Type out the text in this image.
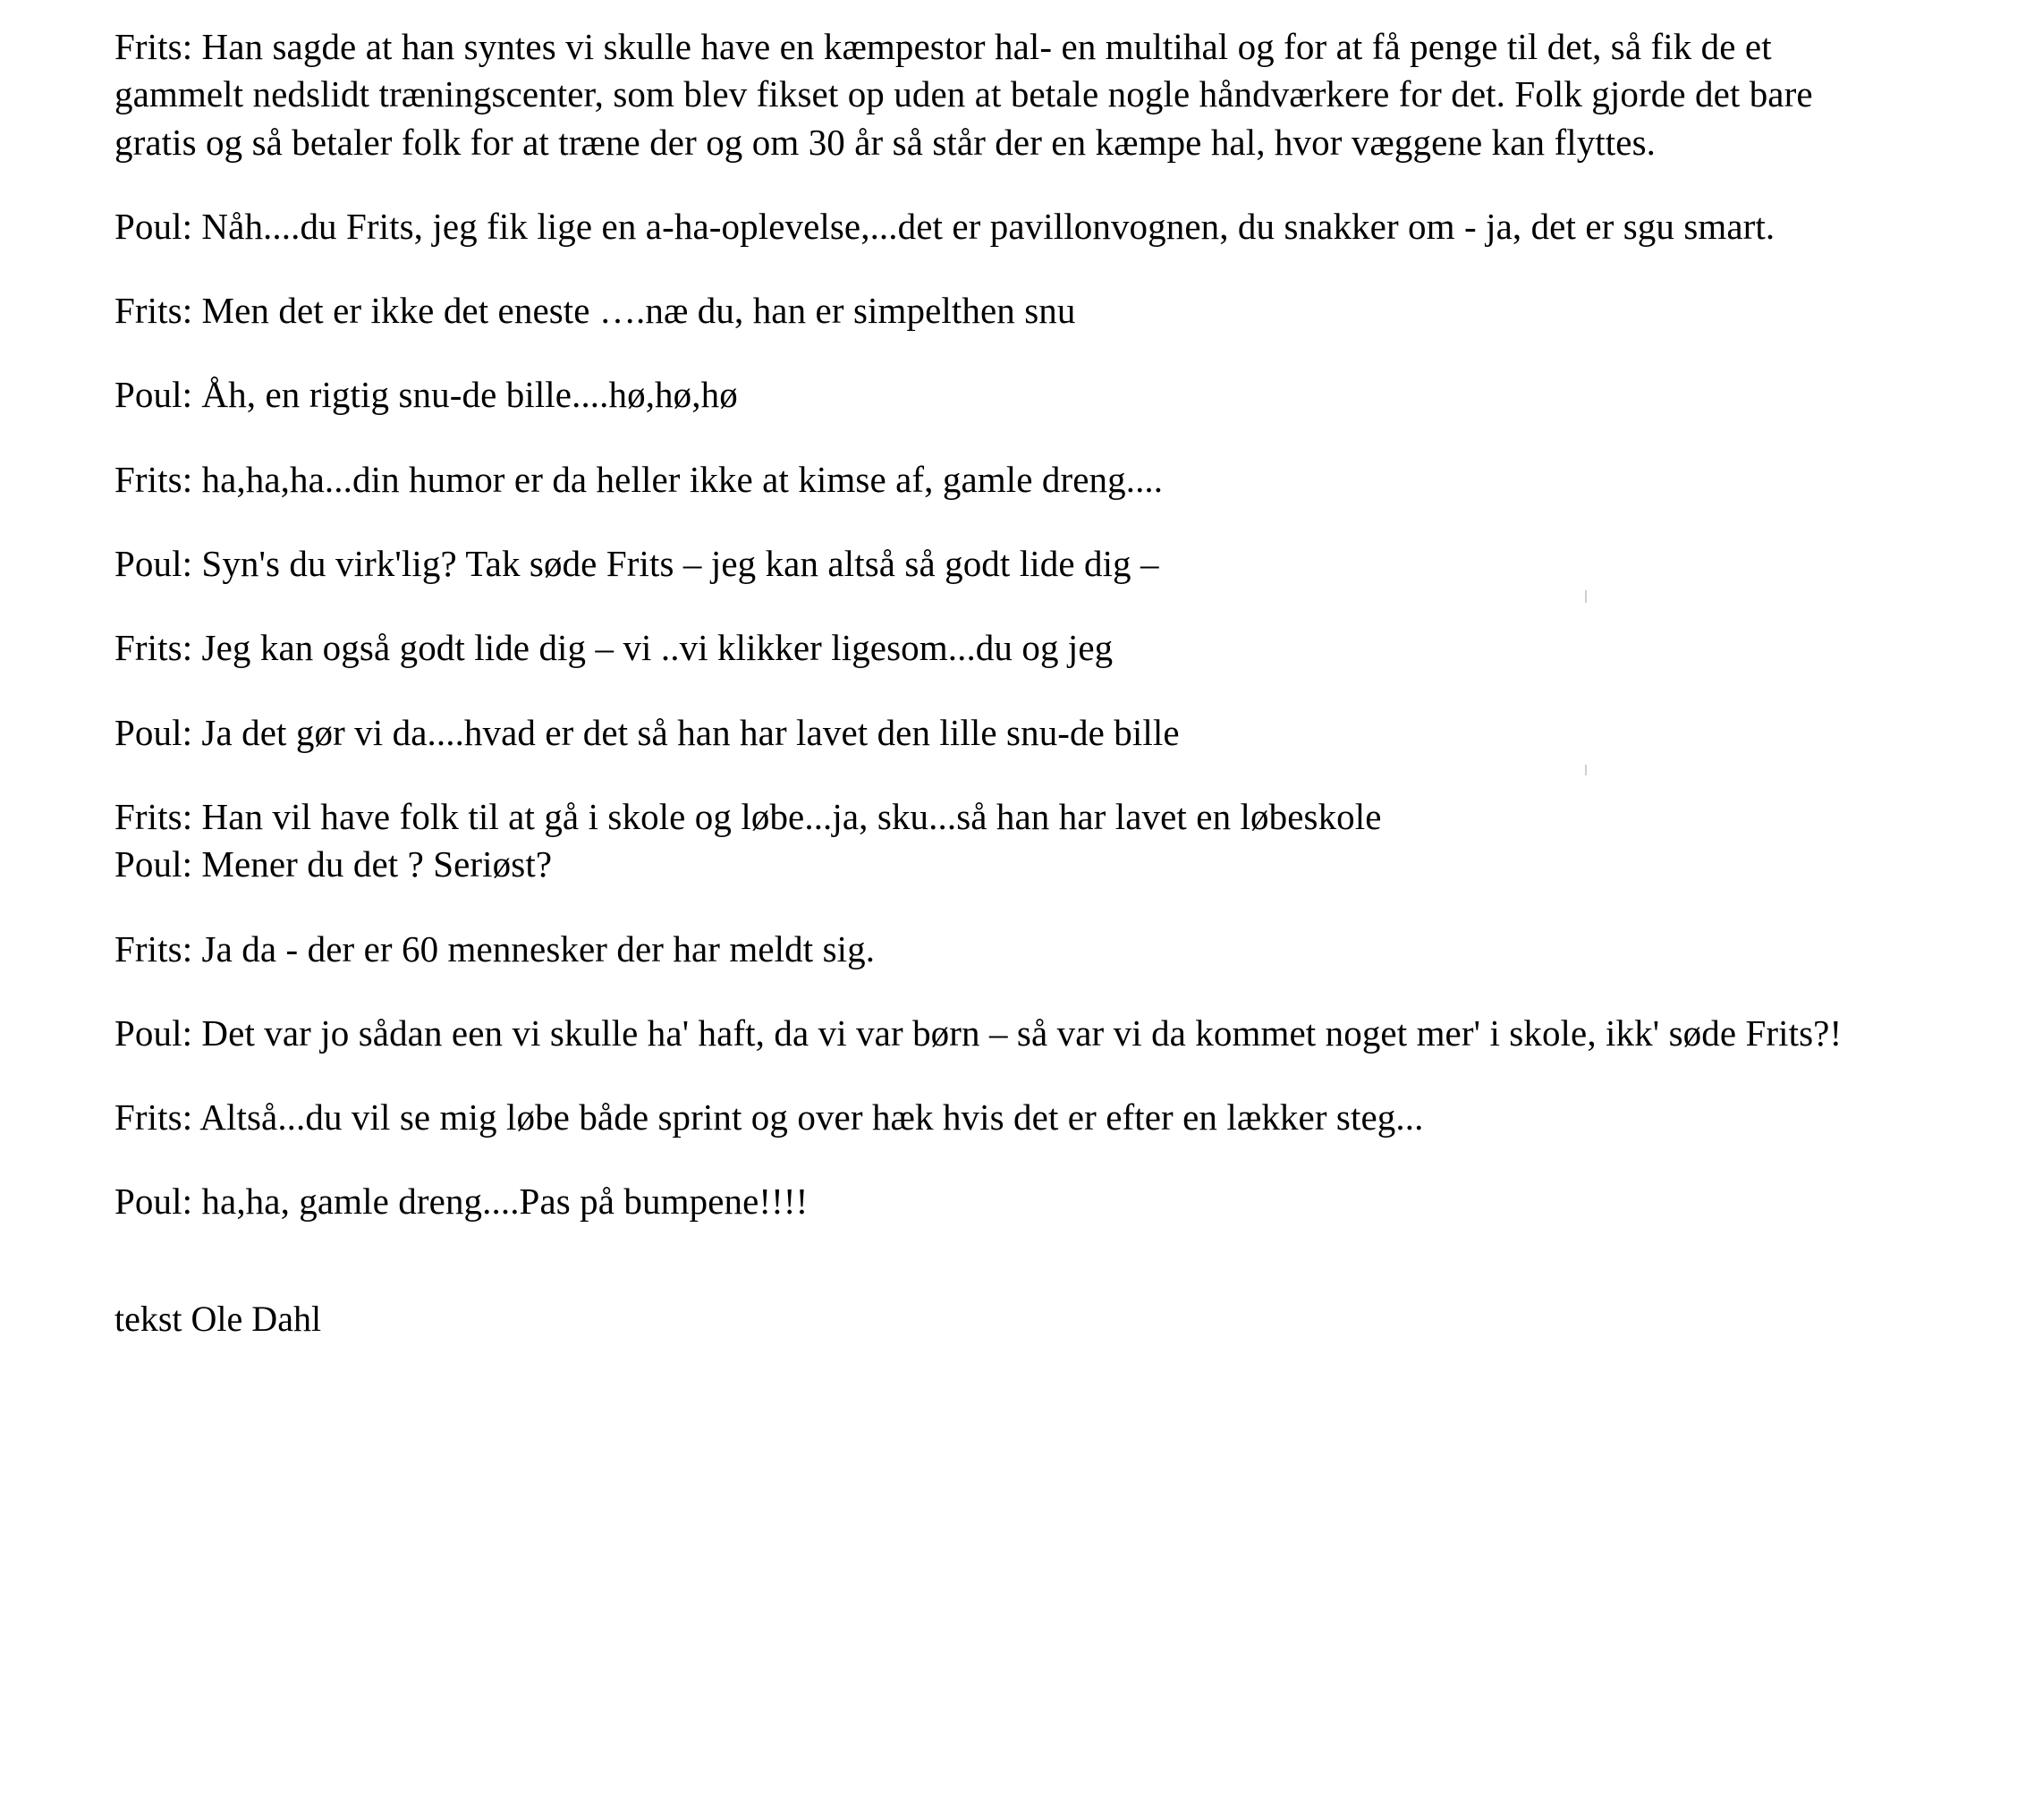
Frits: Han sagde at han syntes vi skulle have en kæmpestor hal- en multihal og for at få penge til det, så fik de et gammelt nedslidt træningscenter, som blev fikset op uden at betale nogle håndværkere for det. Folk gjorde det bare gratis og så betaler folk for at træne der og om 30 år så står der en kæmpe hal, hvor væggene kan flyttes.

Poul: Nåh....du Frits, jeg fik lige en a-ha-oplevelse,...det er pavillonvognen, du snakker om - ja, det er sgu smart.

Frits: Men det er ikke det eneste ….næ du, han er simpelthen snu

Poul: Åh, en rigtig snu-de bille....hø,hø,hø

Frits: ha,ha,ha...din humor er da heller ikke at kimse af, gamle dreng....

Poul: Syn's du virk'lig? Tak søde Frits – jeg kan altså så godt lide dig –

Frits: Jeg kan også godt lide dig – vi ..vi klikker ligesom...du og jeg

Poul: Ja det gør vi da....hvad er det så han har lavet den lille snu-de bille

Frits: Han vil have folk til at gå i skole og løbe...ja, sku...så han har lavet en løbeskole

Poul: Mener du det ? Seriøst?

Frits: Ja da - der er 60 mennesker der har meldt sig.

Poul: Det var jo sådan een vi skulle ha' haft, da vi var børn – så var vi da kommet noget mer' i skole, ikk' søde Frits?!

Frits: Altså...du vil se mig løbe både sprint og over hæk hvis det er efter en lækker steg...

Poul: ha,ha, gamle dreng....Pas på bumpene!!!!

tekst Ole Dahl
